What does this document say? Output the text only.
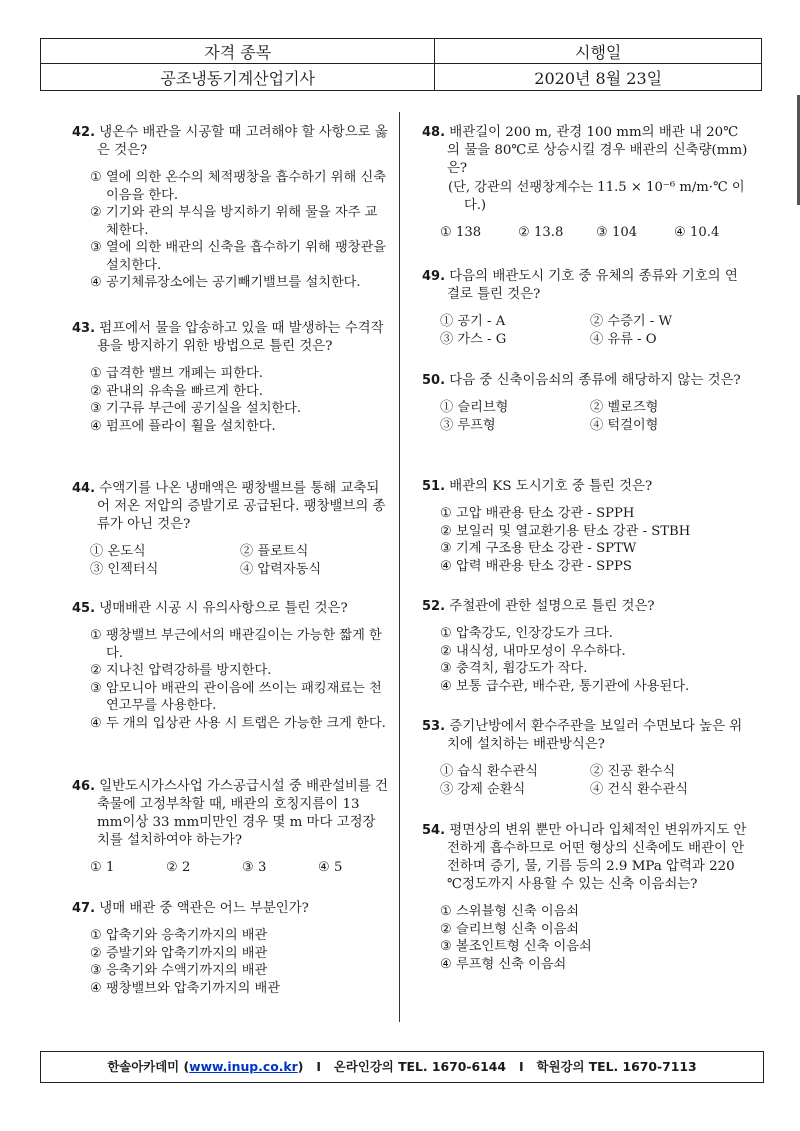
자격 종목	시행일
공조냉동기계산업기사	2020년 8월 23일
42. 냉온수 배관을 시공할 때 고려해야 할 사항으로 옳은 것은?
① 열에 의한 온수의 체적팽창을 흡수하기 위해 신축이음을 한다.
② 기기와 관의 부식을 방지하기 위해 물을 자주 교체한다.
③ 열에 의한 배관의 신축을 흡수하기 위해 팽창관을 설치한다.
④ 공기체류장소에는 공기빼기밸브를 설치한다.
43. 펌프에서 물을 압송하고 있을 때 발생하는 수격작용을 방지하기 위한 방법으로 틀린 것은?
① 급격한 밸브 개폐는 피한다.
② 관내의 유속을 빠르게 한다.
③ 기구류 부근에 공기실을 설치한다.
④ 펌프에 플라이 휠을 설치한다.
44. 수액기를 나온 냉매액은 팽창밸브를 통해 교축되어 저온 저압의 증발기로 공급된다. 팽창밸브의 종류가 아닌 것은?
① 온도식	② 플로트식
③ 인젝터식	④ 압력자동식
45. 냉매배관 시공 시 유의사항으로 틀린 것은?
① 팽창밸브 부근에서의 배관길이는 가능한 짧게 한다.
② 지나친 압력강하를 방지한다.
③ 암모니아 배관의 관이음에 쓰이는 패킹재료는 천연고무를 사용한다.
④ 두 개의 입상관 사용 시 트랩은 가능한 크게 한다.
46. 일반도시가스사업 가스공급시설 중 배관설비를 건축물에 고정부착할 때, 배관의 호칭지름이 13 mm이상 33 mm미만인 경우 몇 m 마다 고정장치를 설치하여야 하는가?
① 1	② 2	③ 3	④ 5
47. 냉매 배관 중 액관은 어느 부분인가?
① 압축기와 응축기까지의 배관
② 증발기와 압축기까지의 배관
③ 응축기와 수액기까지의 배관
④ 팽창밸브와 압축기까지의 배관
48. 배관길이 200 m, 관경 100 mm의 배관 내 20℃의 물을 80℃로 상승시킬 경우 배관의 신축량(mm)은?
(단, 강관의 선팽창계수는 11.5 × 10⁻⁶ m/m·℃ 이다.)
① 138	② 13.8	③ 104	④ 10.4
49. 다음의 배관도시 기호 중 유체의 종류와 기호의 연결로 틀린 것은?
① 공기 - A	② 수증기 - W
③ 가스 - G	④ 유류 - O
50. 다음 중 신축이음쇠의 종류에 해당하지 않는 것은?
① 슬리브형	② 벨로즈형
③ 루프형	④ 턱걸이형
51. 배관의 KS 도시기호 중 틀린 것은?
① 고압 배관용 탄소 강관 - SPPH
② 보일러 및 열교환기용 탄소 강관 - STBH
③ 기계 구조용 탄소 강관 - SPTW
④ 압력 배관용 탄소 강관 - SPPS
52. 주철관에 관한 설명으로 틀린 것은?
① 압축강도, 인장강도가 크다.
② 내식성, 내마모성이 우수하다.
③ 충격치, 휨강도가 작다.
④ 보통 급수관, 배수관, 통기관에 사용된다.
53. 증기난방에서 환수주관을 보일러 수면보다 높은 위치에 설치하는 배관방식은?
① 습식 환수관식	② 진공 환수식
③ 강제 순환식	④ 건식 환수관식
54. 평면상의 변위 뿐만 아니라 입체적인 변위까지도 안전하게 흡수하므로 어떤 형상의 신축에도 배관이 안전하며 증기, 물, 기름 등의 2.9 MPa 압력과 220 ℃정도까지 사용할 수 있는 신축 이음쇠는?
① 스위블형 신축 이음쇠
② 슬리브형 신축 이음쇠
③ 볼조인트형 신축 이음쇠
④ 루프형 신축 이음쇠
한솔아카데미 (www.inup.co.kr)   I   온라인강의 TEL. 1670-6144   I   학원강의 TEL. 1670-7113
